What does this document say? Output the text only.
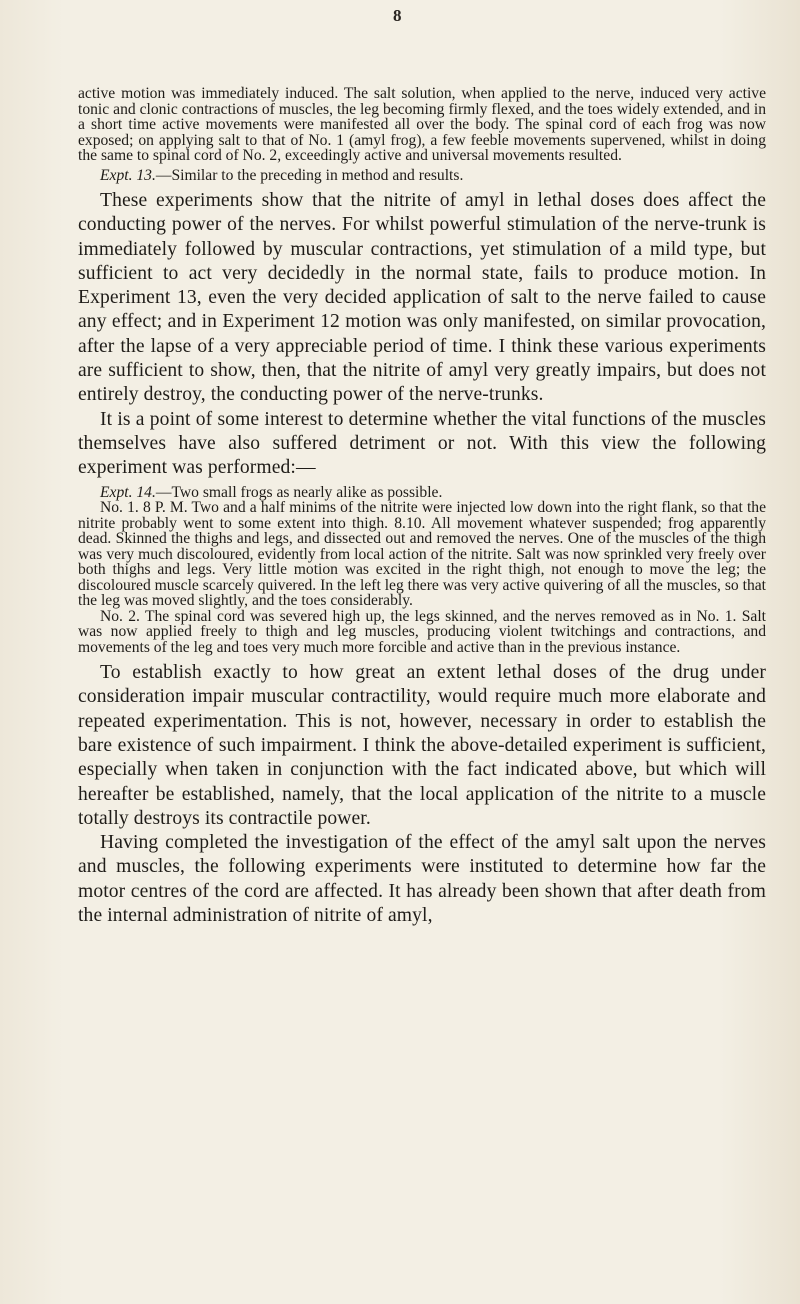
8

active motion was immediately induced. The salt solution, when applied to the nerve, induced very active tonic and clonic contractions of muscles, the leg becoming firmly flexed, and the toes widely extended, and in a short time active movements were manifested all over the body. The spinal cord of each frog was now exposed; on applying salt to that of No. 1 (amyl frog), a few feeble movements supervened, whilst in doing the same to spinal cord of No. 2, exceedingly active and universal movements resulted.

Expt. 13.—Similar to the preceding in method and results.

These experiments show that the nitrite of amyl in lethal doses does affect the conducting power of the nerves. For whilst powerful stimulation of the nerve-trunk is immediately followed by muscular contractions, yet stimulation of a mild type, but sufficient to act very decidedly in the normal state, fails to produce motion. In Experiment 13, even the very decided application of salt to the nerve failed to cause any effect; and in Experiment 12 motion was only manifested, on similar provocation, after the lapse of a very appreciable period of time. I think these various experiments are sufficient to show, then, that the nitrite of amyl very greatly impairs, but does not entirely destroy, the conducting power of the nerve-trunks.

It is a point of some interest to determine whether the vital functions of the muscles themselves have also suffered detriment or not. With this view the following experiment was performed:—

Expt. 14.—Two small frogs as nearly alike as possible.

No. 1. 8 P. M. Two and a half minims of the nitrite were injected low down into the right flank, so that the nitrite probably went to some extent into thigh. 8.10. All movement whatever suspended; frog apparently dead. Skinned the thighs and legs, and dissected out and removed the nerves. One of the muscles of the thigh was very much discoloured, evidently from local action of the nitrite. Salt was now sprinkled very freely over both thighs and legs. Very little motion was excited in the right thigh, not enough to move the leg; the discoloured muscle scarcely quivered. In the left leg there was very active quivering of all the muscles, so that the leg was moved slightly, and the toes considerably.

No. 2. The spinal cord was severed high up, the legs skinned, and the nerves removed as in No. 1. Salt was now applied freely to thigh and leg muscles, producing violent twitchings and contractions, and movements of the leg and toes very much more forcible and active than in the previous instance.

To establish exactly to how great an extent lethal doses of the drug under consideration impair muscular contractility, would require much more elaborate and repeated experimentation. This is not, however, necessary in order to establish the bare existence of such impairment. I think the above-detailed experiment is sufficient, especially when taken in conjunction with the fact indicated above, but which will hereafter be established, namely, that the local application of the nitrite to a muscle totally destroys its contractile power.

Having completed the investigation of the effect of the amyl salt upon the nerves and muscles, the following experiments were instituted to determine how far the motor centres of the cord are affected. It has already been shown that after death from the internal administration of nitrite of amyl,
